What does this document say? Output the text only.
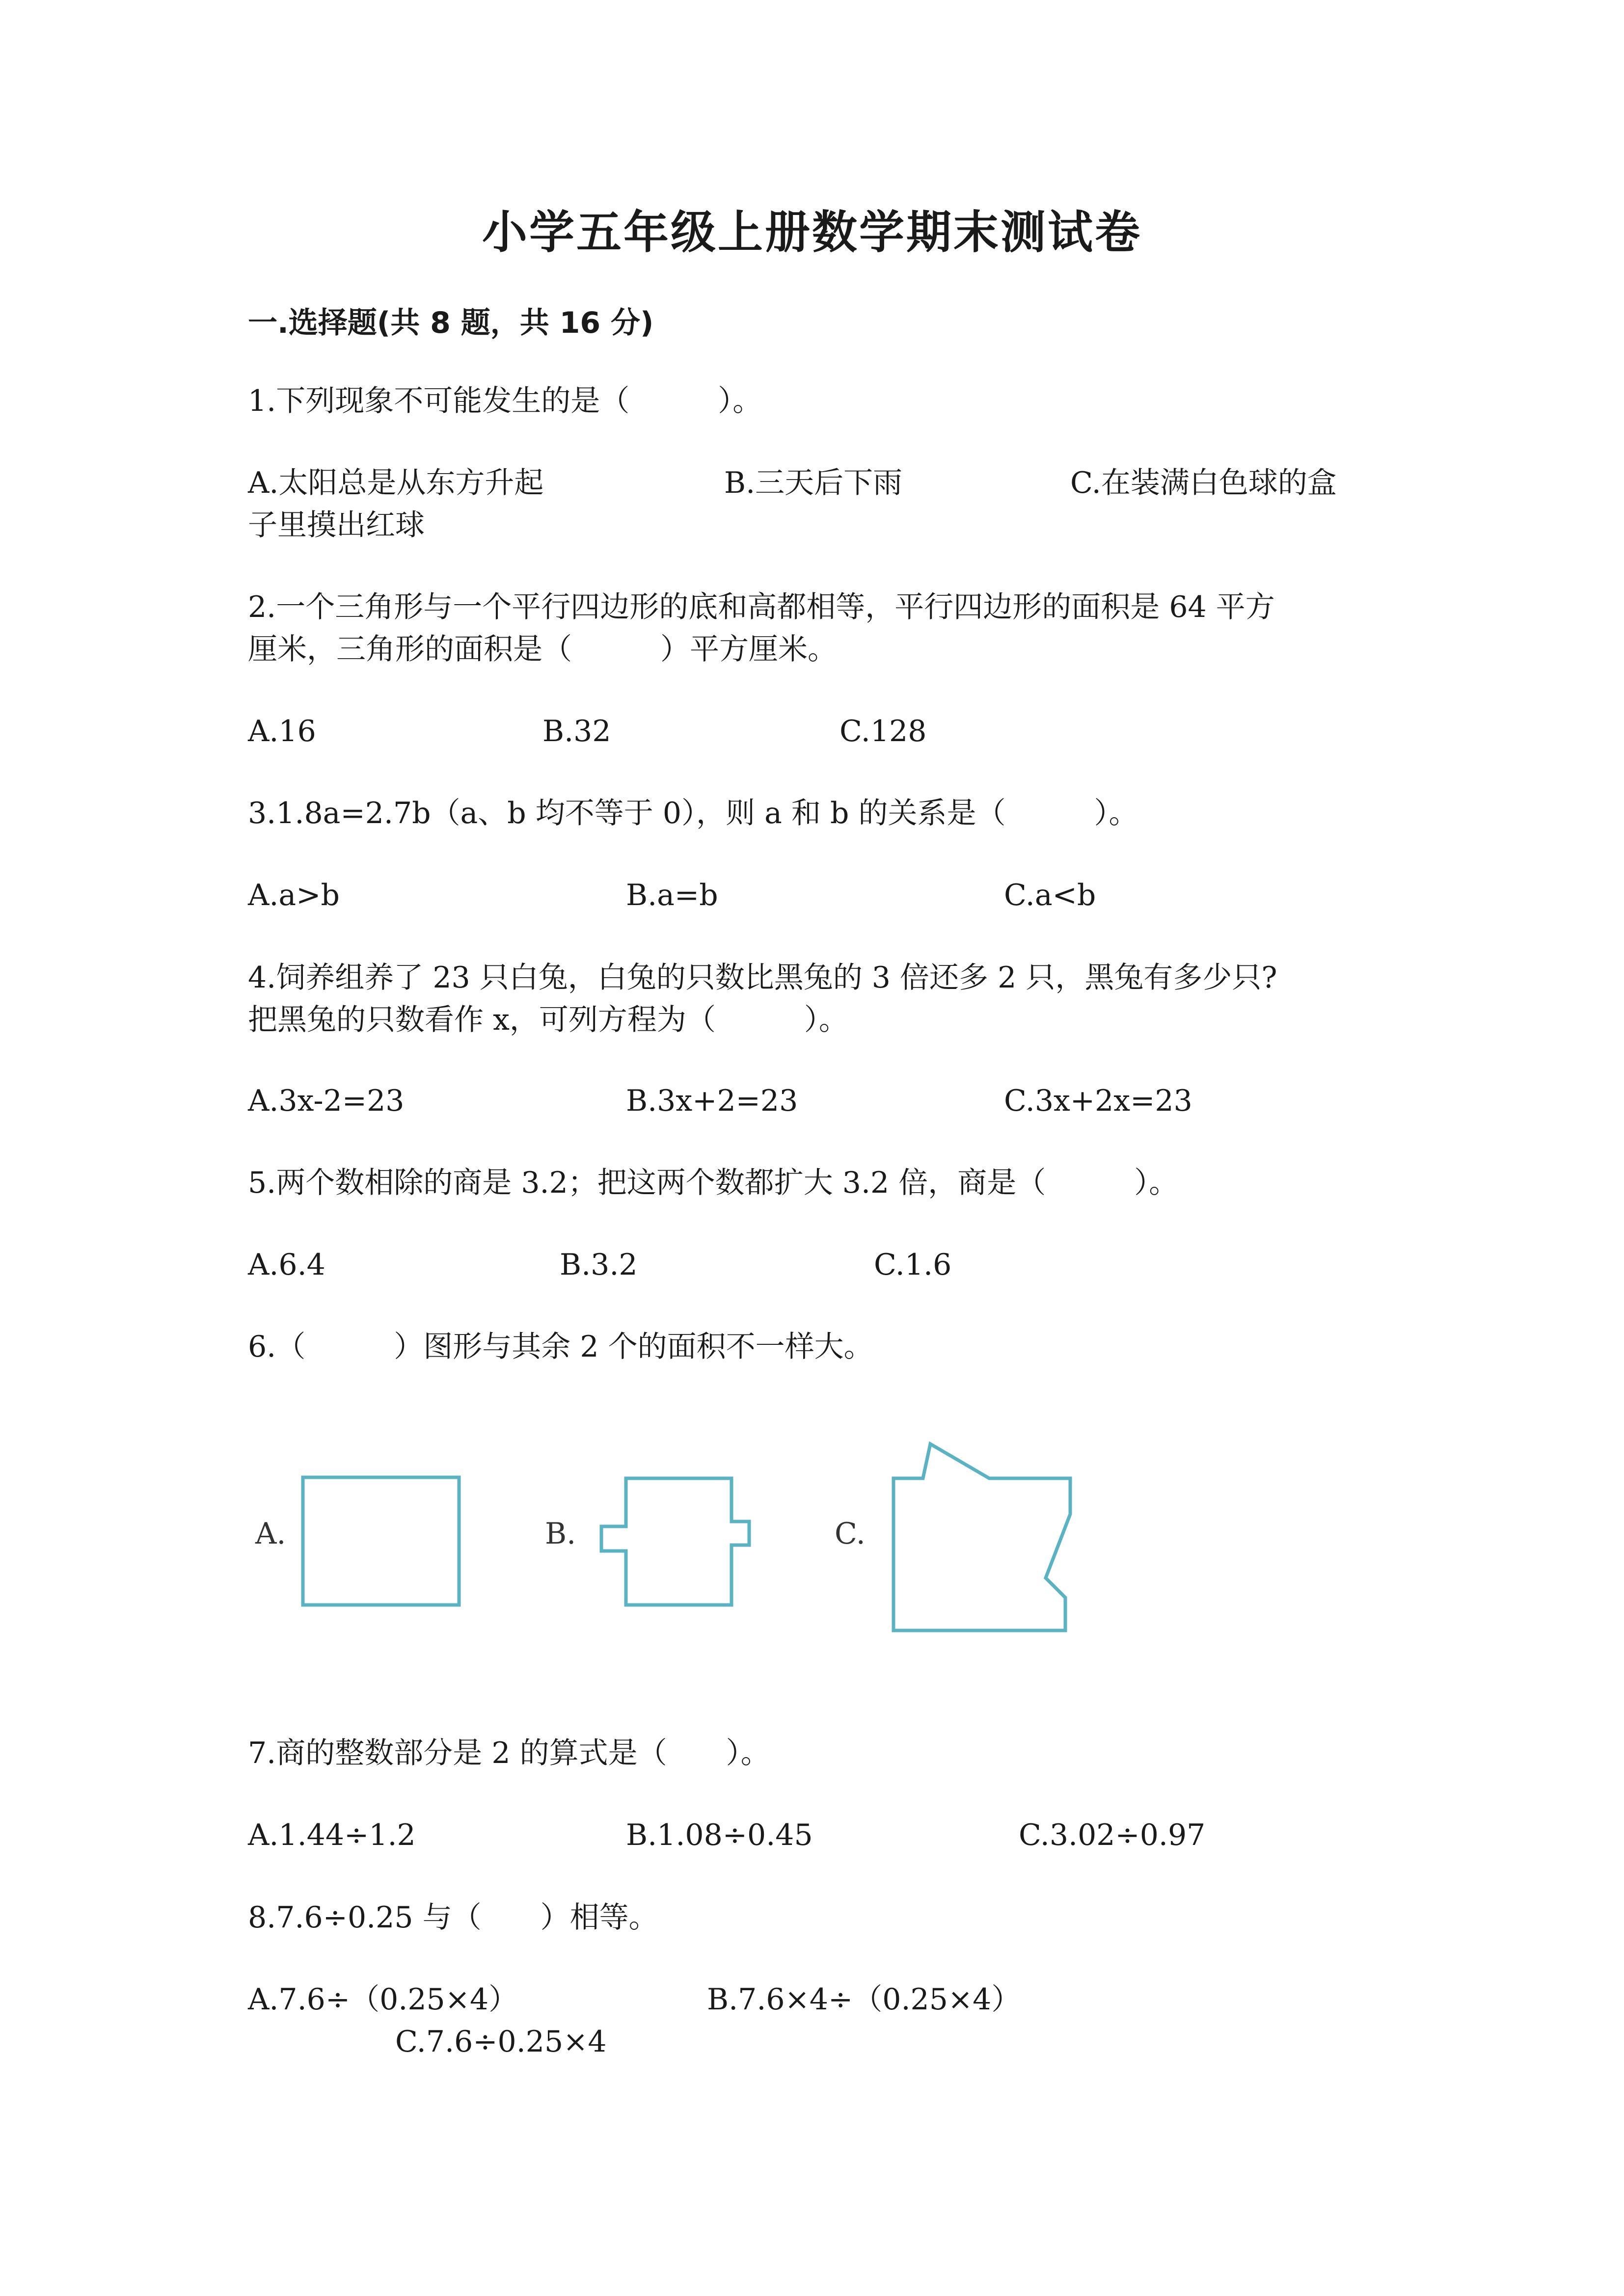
小学五年级上册数学期末测试卷
一.选择题(共 8 题，共 16 分)
1.下列现象不可能发生的是（　　　）。
A.太阳总是从东方升起	B.三天后下雨	C.在装满白色球的盒
子里摸出红球
2.一个三角形与一个平行四边形的底和高都相等，平行四边形的面积是 64 平方
厘米，三角形的面积是（　　　）平方厘米。
A.16	B.32	C.128
3.1.8a=2.7b（a、b 均不等于 0），则 a 和 b 的关系是（　　　）。
A.a>b	B.a=b	C.a<b
4.饲养组养了 23 只白兔，白兔的只数比黑兔的 3 倍还多 2 只，黑兔有多少只?
把黑兔的只数看作 x，可列方程为（　　　）。
A.3x-2=23	B.3x+2=23	C.3x+2x=23
5.两个数相除的商是 3.2；把这两个数都扩大 3.2 倍，商是（　　　）。
A.6.4	B.3.2	C.1.6
6.（　　　）图形与其余 2 个的面积不一样大。
A.	B.	C.
7.商的整数部分是 2 的算式是（　　）。
A.1.44÷1.2	B.1.08÷0.45	C.3.02÷0.97
8.7.6÷0.25 与（　　）相等。
A.7.6÷（0.25×4）	B.7.6×4÷（0.25×4）
C.7.6÷0.25×4
